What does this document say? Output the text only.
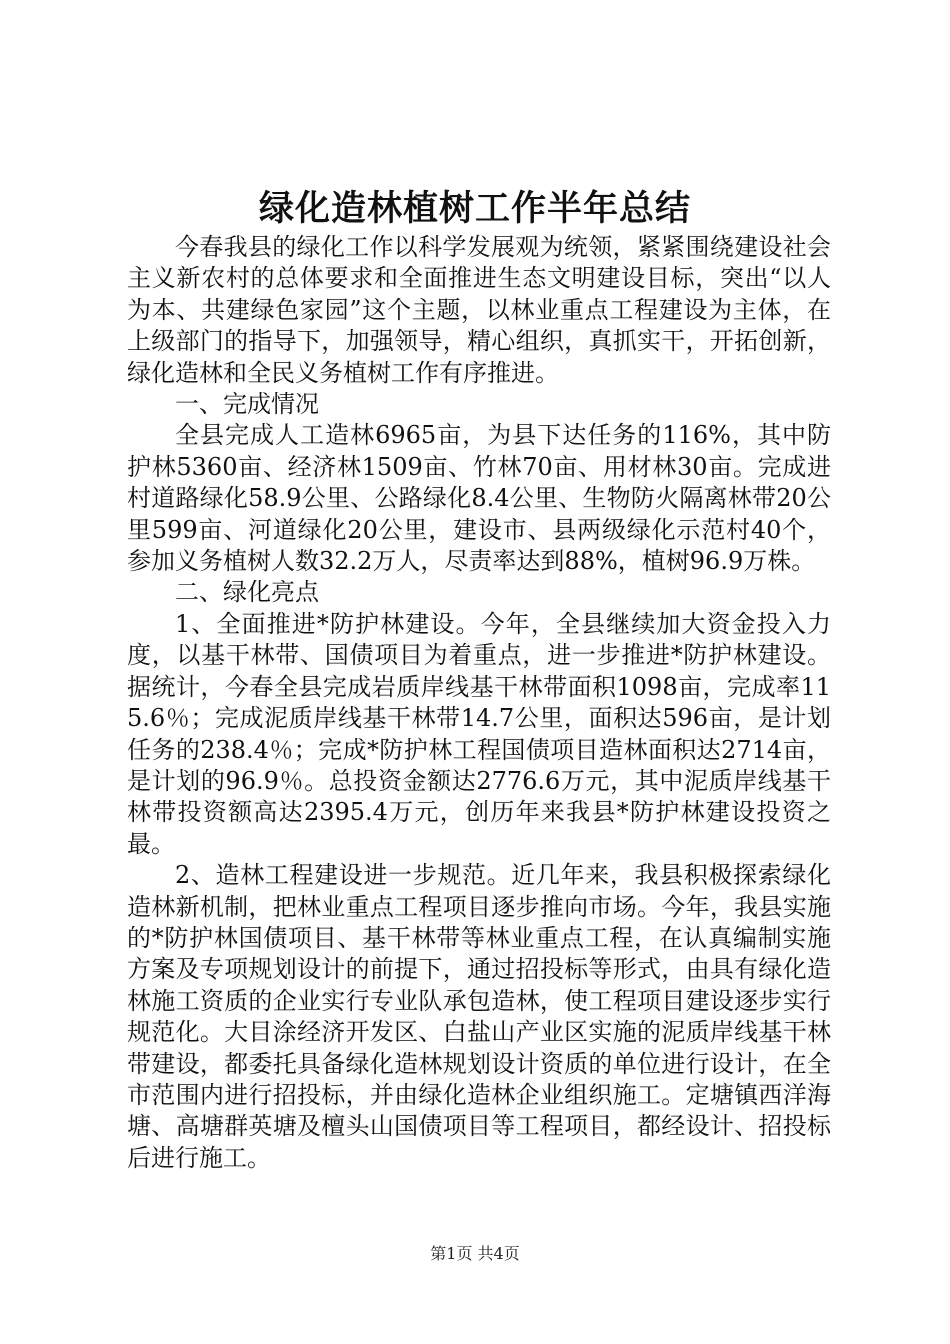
绿化造林植树工作半年总结

今春我县的绿化工作以科学发展观为统领，紧紧围绕建设社会主义新农村的总体要求和全面推进生态文明建设目标，突出“以人为本、共建绿色家园”这个主题，以林业重点工程建设为主体，在上级部门的指导下，加强领导，精心组织，真抓实干，开拓创新，绿化造林和全民义务植树工作有序推进。

一、完成情况

全县完成人工造林6965亩，为县下达任务的116%，其中防护林5360亩、经济林1509亩、竹林70亩、用材林30亩。完成进村道路绿化58.9公里、公路绿化8.4公里、生物防火隔离林带20公里599亩、河道绿化20公里，建设市、县两级绿化示范村40个，参加义务植树人数32.2万人，尽责率达到88%，植树96.9万株。

二、绿化亮点

1、全面推进*防护林建设。今年，全县继续加大资金投入力度，以基干林带、国债项目为着重点，进一步推进*防护林建设。据统计，今春全县完成岩质岸线基干林带面积1098亩，完成率115.6％；完成泥质岸线基干林带14.7公里，面积达596亩，是计划任务的238.4％；完成*防护林工程国债项目造林面积达2714亩，是计划的96.9％。总投资金额达2776.6万元，其中泥质岸线基干林带投资额高达2395.4万元，创历年来我县*防护林建设投资之最。

2、造林工程建设进一步规范。近几年来，我县积极探索绿化造林新机制，把林业重点工程项目逐步推向市场。今年，我县实施的*防护林国债项目、基干林带等林业重点工程，在认真编制实施方案及专项规划设计的前提下，通过招投标等形式，由具有绿化造林施工资质的企业实行专业队承包造林，使工程项目建设逐步实行规范化。大目涂经济开发区、白盐山产业区实施的泥质岸线基干林带建设，都委托具备绿化造林规划设计资质的单位进行设计，在全市范围内进行招投标，并由绿化造林企业组织施工。定塘镇西洋海塘、高塘群英塘及檀头山国债项目等工程项目，都经设计、招投标后进行施工。

第1页 共4页
